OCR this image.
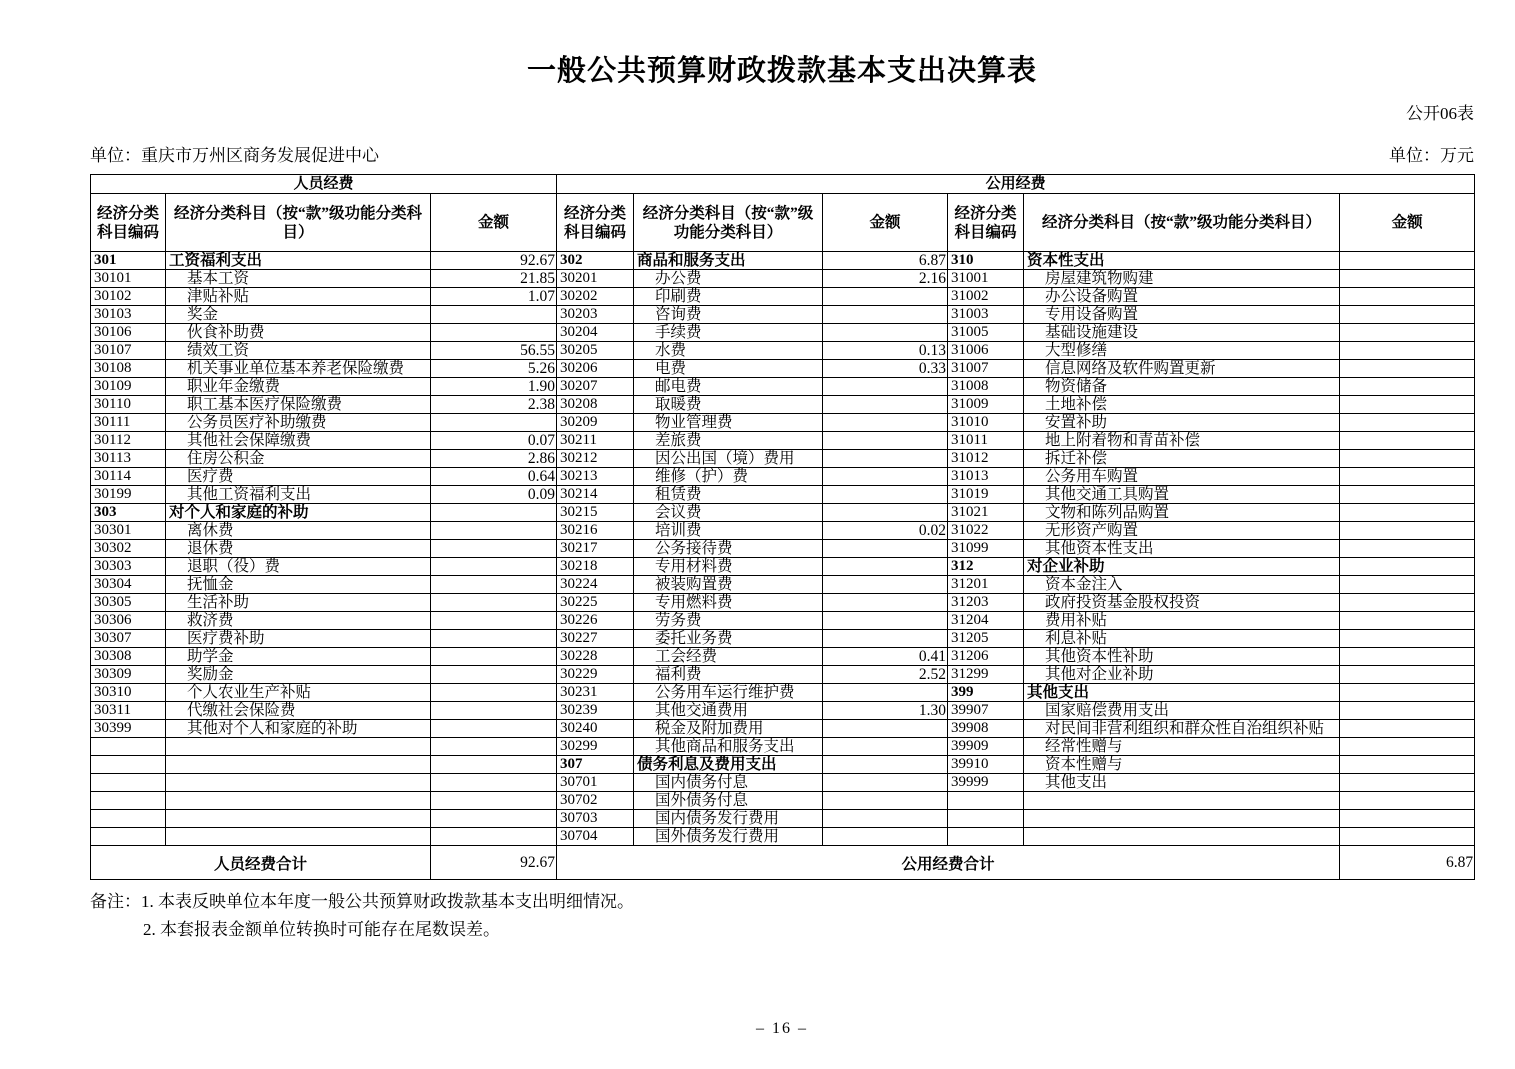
一般公共预算财政拨款基本支出决算表
公开06表
单位：重庆市万州区商务发展促进中心	单位：万元
人员经费			公用经费					
经济分类科目编码	经济分类科目（按“款”级功能分类科目）	金额	经济分类科目编码	经济分类科目（按“款”级功能分类科目）	金额	经济分类科目编码	经济分类科目（按“款”级功能分类科目）	金额
301	工资福利支出	92.67	302	商品和服务支出	6.87	310	资本性支出	
30101	基本工资	21.85	30201	办公费	2.16	31001	房屋建筑物购建	
30102	津贴补贴	1.07	30202	印刷费		31002	办公设备购置	
30103	奖金		30203	咨询费		31003	专用设备购置	
30106	伙食补助费		30204	手续费		31005	基础设施建设	
30107	绩效工资	56.55	30205	水费	0.13	31006	大型修缮	
30108	机关事业单位基本养老保险缴费	5.26	30206	电费	0.33	31007	信息网络及软件购置更新	
30109	职业年金缴费	1.90	30207	邮电费		31008	物资储备	
30110	职工基本医疗保险缴费	2.38	30208	取暖费		31009	土地补偿	
30111	公务员医疗补助缴费		30209	物业管理费		31010	安置补助	
30112	其他社会保障缴费	0.07	30211	差旅费		31011	地上附着物和青苗补偿	
30113	住房公积金	2.86	30212	因公出国（境）费用		31012	拆迁补偿	
30114	医疗费	0.64	30213	维修（护）费		31013	公务用车购置	
30199	其他工资福利支出	0.09	30214	租赁费		31019	其他交通工具购置	
303	对个人和家庭的补助		30215	会议费		31021	文物和陈列品购置	
30301	离休费		30216	培训费	0.02	31022	无形资产购置	
30302	退休费		30217	公务接待费		31099	其他资本性支出	
30303	退职（役）费		30218	专用材料费		312	对企业补助	
30304	抚恤金		30224	被装购置费		31201	资本金注入	
30305	生活补助		30225	专用燃料费		31203	政府投资基金股权投资	
30306	救济费		30226	劳务费		31204	费用补贴	
30307	医疗费补助		30227	委托业务费		31205	利息补贴	
30308	助学金		30228	工会经费	0.41	31206	其他资本性补助	
30309	奖励金		30229	福利费	2.52	31299	其他对企业补助	
30310	个人农业生产补贴		30231	公务用车运行维护费		399	其他支出	
30311	代缴社会保险费		30239	其他交通费用	1.30	39907	国家赔偿费用支出	
30399	其他对个人和家庭的补助		30240	税金及附加费用		39908	对民间非营利组织和群众性自治组织补贴	
			30299	其他商品和服务支出		39909	经常性赠与	
			307	债务利息及费用支出		39910	资本性赠与	
			30701	国内债务付息		39999	其他支出	
			30702	国外债务付息				
			30703	国内债务发行费用				
			30704	国外债务发行费用				
人员经费合计		92.67	公用经费合计					6.87
备注：1. 本表反映单位本年度一般公共预算财政拨款基本支出明细情况。
2. 本套报表金额单位转换时可能存在尾数误差。
– 16 –
